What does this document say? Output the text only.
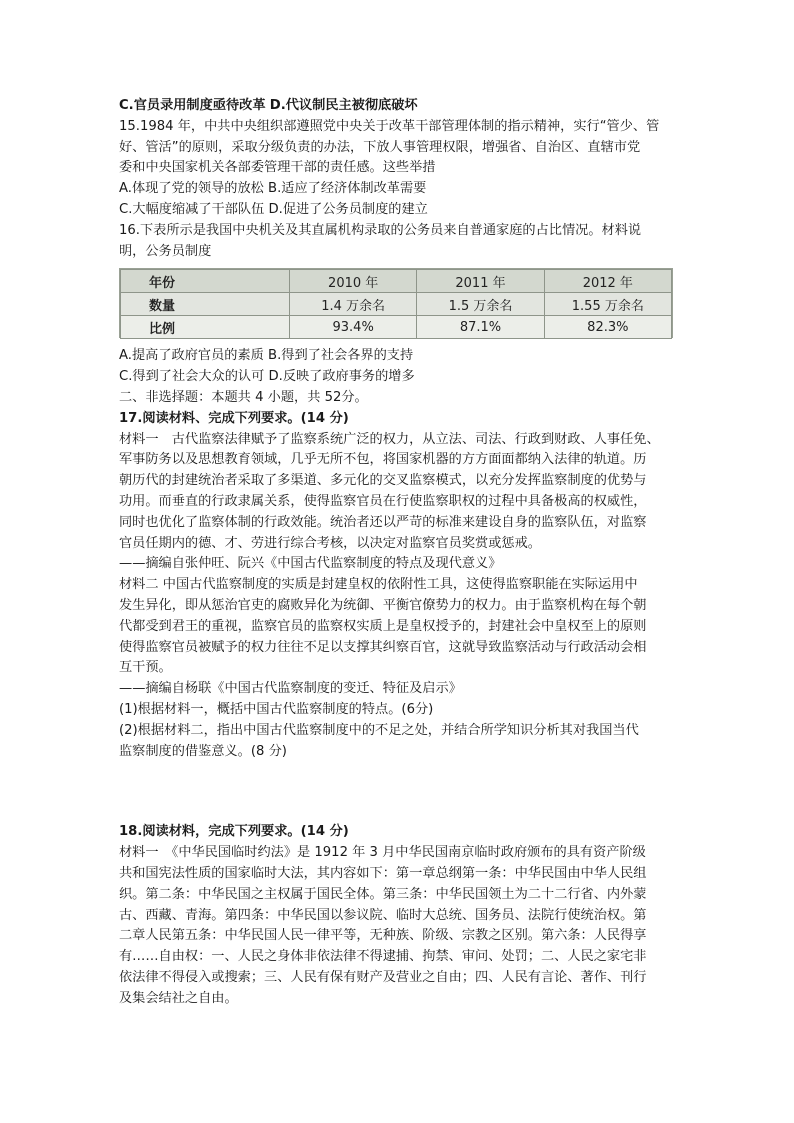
C.官员录用制度亟待改革 D.代议制民主被彻底破坏
15.1984 年，中共中央组织部遵照党中央关于改革干部管理体制的指示精神，实行“管少、管
好、管活”的原则，采取分级负责的办法，下放人事管理权限，增强省、自治区、直辖市党
委和中央国家机关各部委管理干部的责任感。这些举措
A.体现了党的领导的放松 B.适应了经济体制改革需要
C.大幅度缩减了干部队伍 D.促进了公务员制度的建立
16.下表所示是我国中央机关及其直属机构录取的公务员来自普通家庭的占比情况。材料说
明，公务员制度
年份	2010 年	2011 年	2012 年
数量	1.4 万余名	1.5 万余名	1.55 万余名
比例	93.4%	87.1%	82.3%
A.提高了政府官员的素质 B.得到了社会各界的支持
C.得到了社会大众的认可 D.反映了政府事务的增多
二、非选择题：本题共 4 小题，共 52分。
17.阅读材料、完成下列要求。(14 分)
材料一　古代监察法律赋予了监察系统广泛的权力，从立法、司法、行政到财政、人事任免、
军事防务以及思想教育领域，几乎无所不包，将国家机器的方方面面都纳入法律的轨道。历
朝历代的封建统治者采取了多渠道、多元化的交叉监察模式，以充分发挥监察制度的优势与
功用。而垂直的行政隶属关系，使得监察官员在行使监察职权的过程中具备极高的权威性，
同时也优化了监察体制的行政效能。统治者还以严苛的标准来建设自身的监察队伍，对监察
官员任期内的德、才、劳进行综合考核，以决定对监察官员奖赏或惩戒。
——摘编自张仲旺、阮兴《中国古代监察制度的特点及现代意义》
材料二 中国古代监察制度的实质是封建皇权的依附性工具，这使得监察职能在实际运用中
发生异化，即从惩治官吏的腐败异化为统御、平衡官僚势力的权力。由于监察机构在每个朝
代都受到君王的重视，监察官员的监察权实质上是皇权授予的，封建社会中皇权至上的原则
使得监察官员被赋予的权力往往不足以支撑其纠察百官，这就导致监察活动与行政活动会相
互干预。
——摘编自杨联《中国古代监察制度的变迁、特征及启示》
(1)根据材料一，概括中国古代监察制度的特点。(6分)
(2)根据材料二，指出中国古代监察制度中的不足之处，并结合所学知识分析其对我国当代
监察制度的借鉴意义。(8 分)
18.阅读材料，完成下列要求。(14 分)
材料一　《中华民国临时约法》是 1912 年 3 月中华民国南京临时政府颁布的具有资产阶级
共和国宪法性质的国家临时大法，其内容如下：第一章总纲第一条：中华民国由中华人民组
织。第二条：中华民国之主权属于国民全体。第三条：中华民国领土为二十二行省、内外蒙
古、西藏、青海。第四条：中华民国以参议院、临时大总统、国务员、法院行使统治权。第
二章人民第五条：中华民国人民一律平等，无种族、阶级、宗教之区别。第六条：人民得享
有……自由权：一、人民之身体非依法律不得逮捕、拘禁、审问、处罚；二、人民之家宅非
依法律不得侵入或搜索；三、人民有保有财产及营业之自由；四、人民有言论、著作、刊行
及集会结社之自由。
